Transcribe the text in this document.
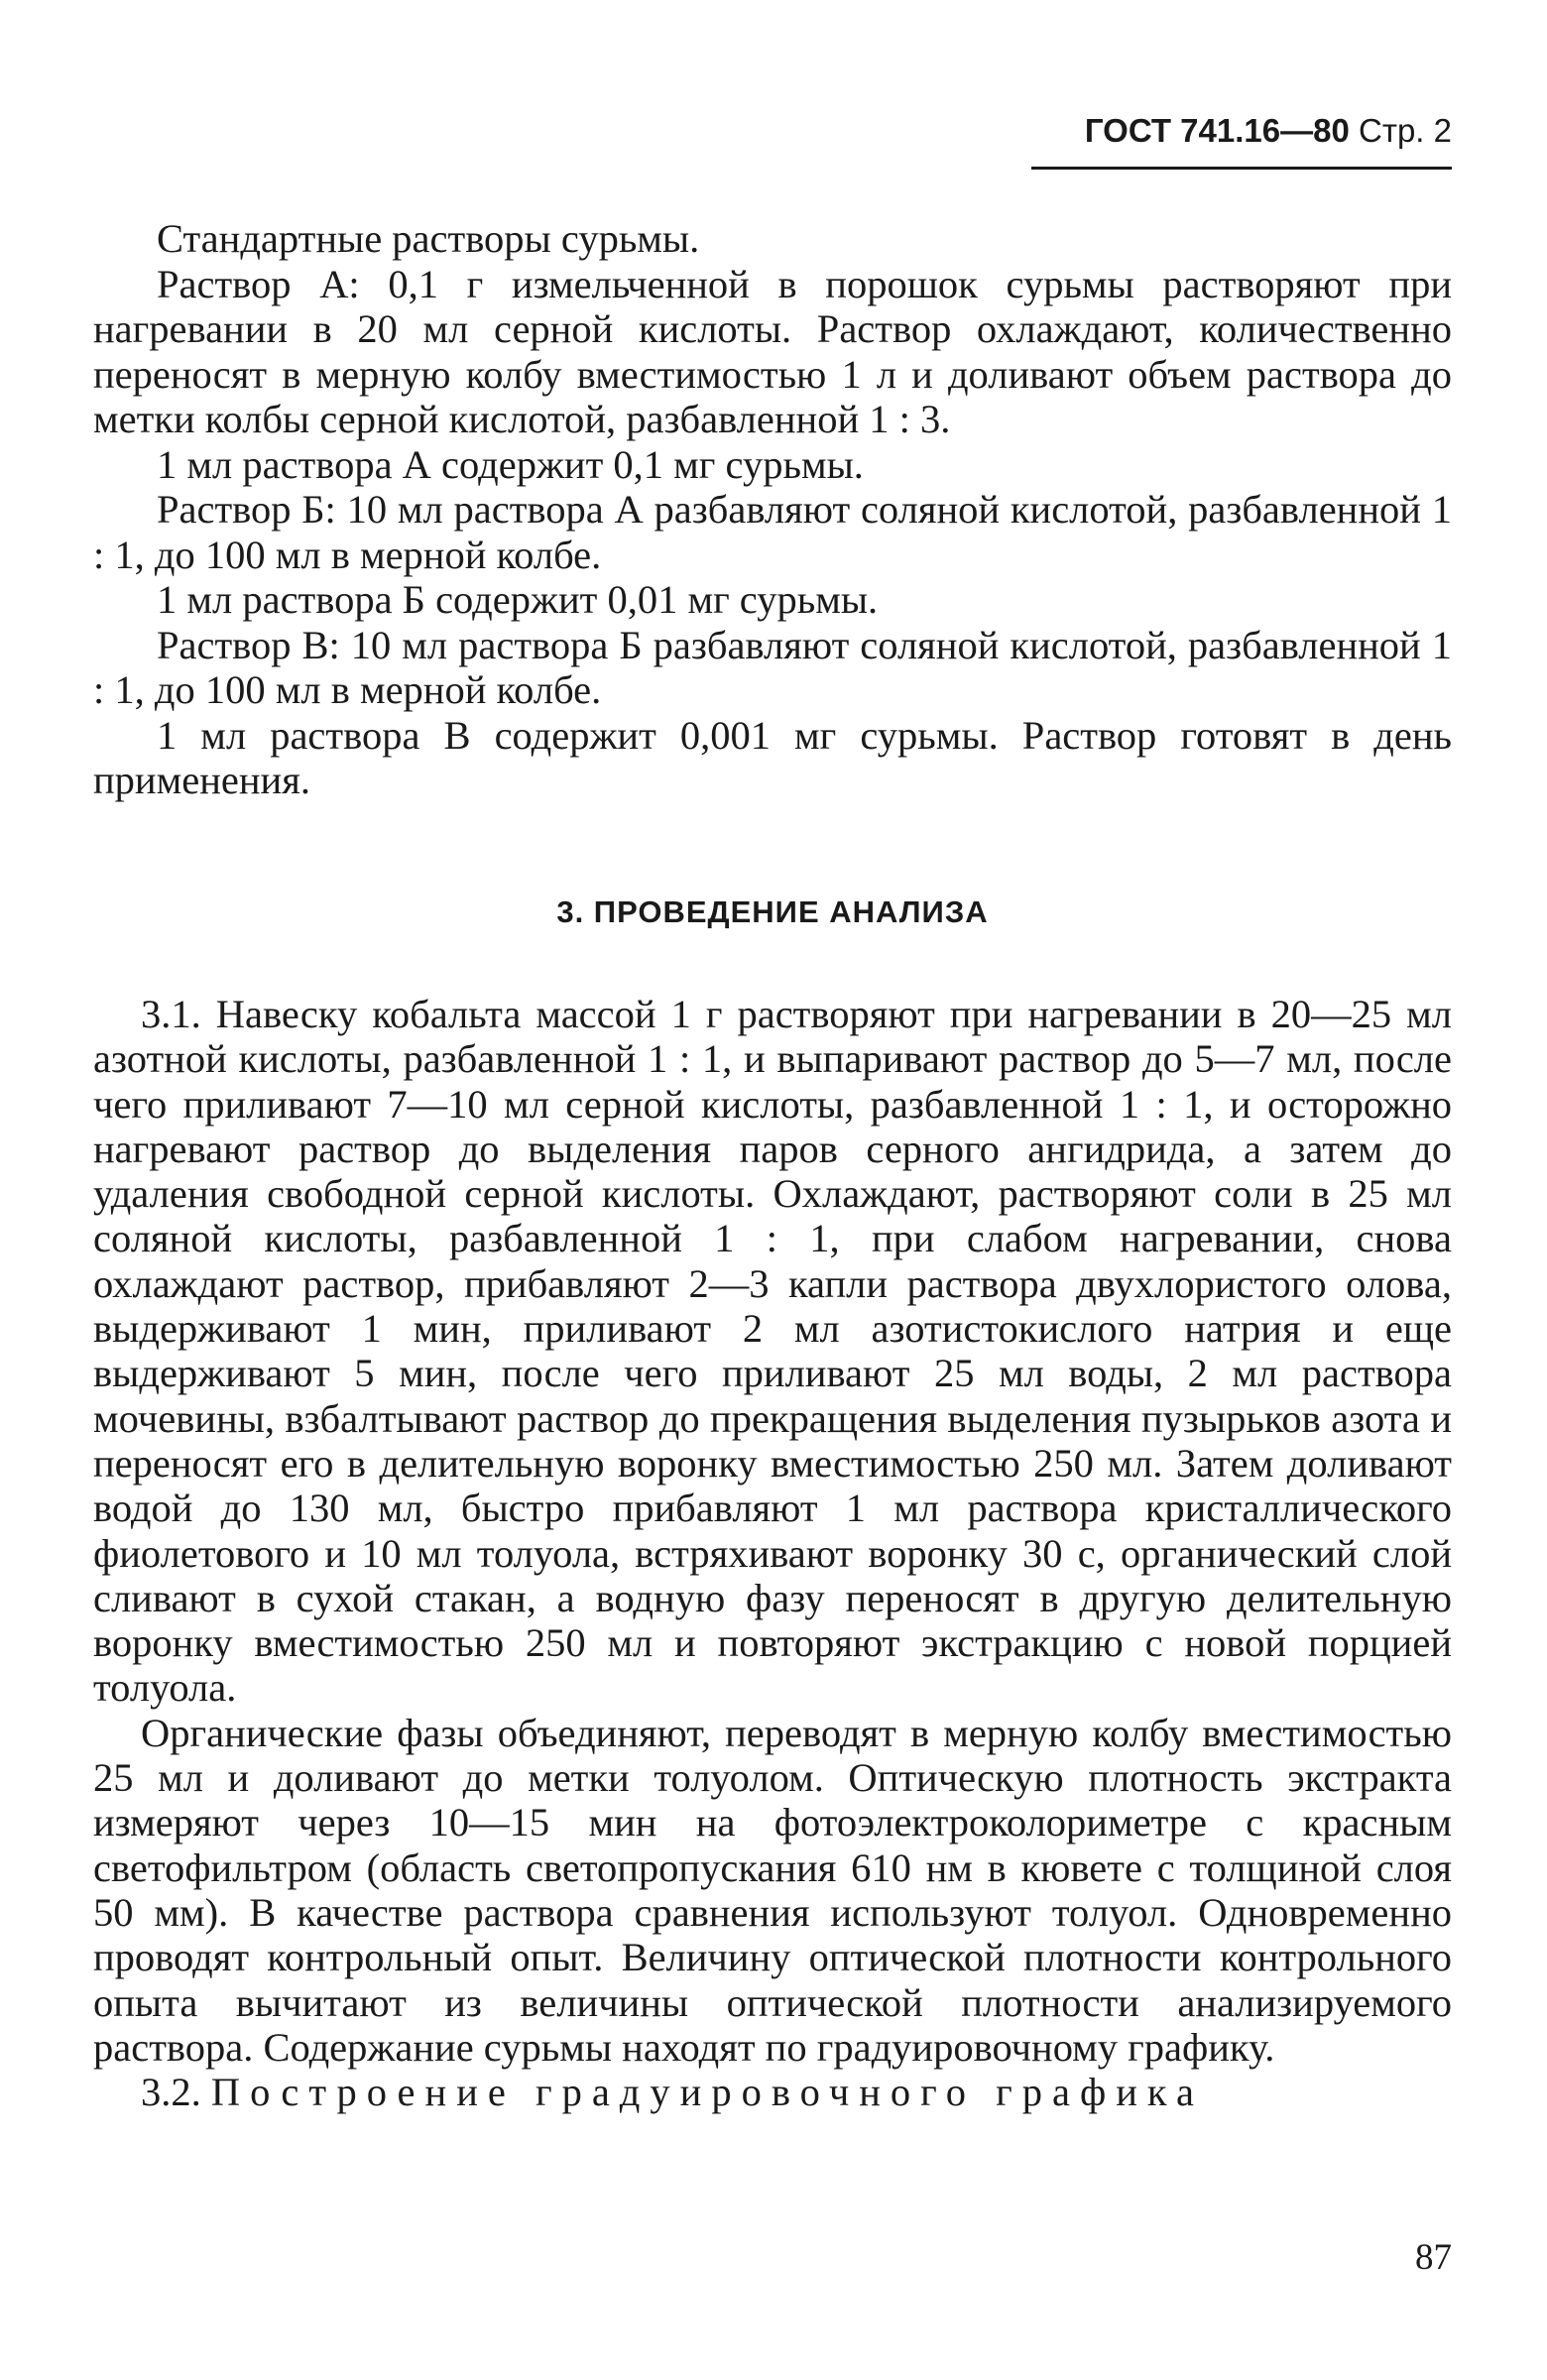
ГОСТ 741.16—80 Стр. 2

Стандартные растворы сурьмы.

Раствор А: 0,1 г измельченной в порошок сурьмы растворяют при нагревании в 20 мл серной кислоты. Раствор охлаждают, количественно переносят в мерную колбу вместимостью 1 л и доливают объем раствора до метки колбы серной кислотой, разбавленной 1 : 3.

1 мл раствора А содержит 0,1 мг сурьмы.

Раствор Б: 10 мл раствора А разбавляют соляной кислотой, разбавленной 1 : 1, до 100 мл в мерной колбе.

1 мл раствора Б содержит 0,01 мг сурьмы.

Раствор В: 10 мл раствора Б разбавляют соляной кислотой, разбавленной 1 : 1, до 100 мл в мерной колбе.

1 мл раствора В содержит 0,001 мг сурьмы. Раствор готовят в день применения.

3. ПРОВЕДЕНИЕ АНАЛИЗА

3.1. Навеску кобальта массой 1 г растворяют при нагревании в 20—25 мл азотной кислоты, разбавленной 1 : 1, и выпаривают раствор до 5—7 мл, после чего приливают 7—10 мл серной кислоты, разбавленной 1 : 1, и осторожно нагревают раствор до выделения паров серного ангидрида, а затем до удаления свободной серной кислоты. Охлаждают, растворяют соли в 25 мл соляной кислоты, разбавленной 1 : 1, при слабом нагревании, снова охлаждают раствор, прибавляют 2—3 капли раствора двухлористого олова, выдерживают 1 мин, приливают 2 мл азотистокислого натрия и еще выдерживают 5 мин, после чего приливают 25 мл воды, 2 мл раствора мочевины, взбалтывают раствор до прекращения выделения пузырьков азота и переносят его в делительную воронку вместимостью 250 мл. Затем доливают водой до 130 мл, быстро прибавляют 1 мл раствора кристаллического фиолетового и 10 мл толуола, встряхивают воронку 30 с, органический слой сливают в сухой стакан, а водную фазу переносят в другую делительную воронку вместимостью 250 мл и повторяют экстракцию с новой порцией толуола.

Органические фазы объединяют, переводят в мерную колбу вместимостью 25 мл и доливают до метки толуолом. Оптическую плотность экстракта измеряют через 10—15 мин на фотоэлектроколориметре с красным светофильтром (область светопропускания 610 нм в кювете с толщиной слоя 50 мм). В качестве раствора сравнения используют толуол. Одновременно проводят контрольный опыт. Величину оптической плотности контрольного опыта вычитают из величины оптической плотности анализируемого раствора. Содержание сурьмы находят по градуировочному графику.

3.2. Построение градуировочного графика

87
